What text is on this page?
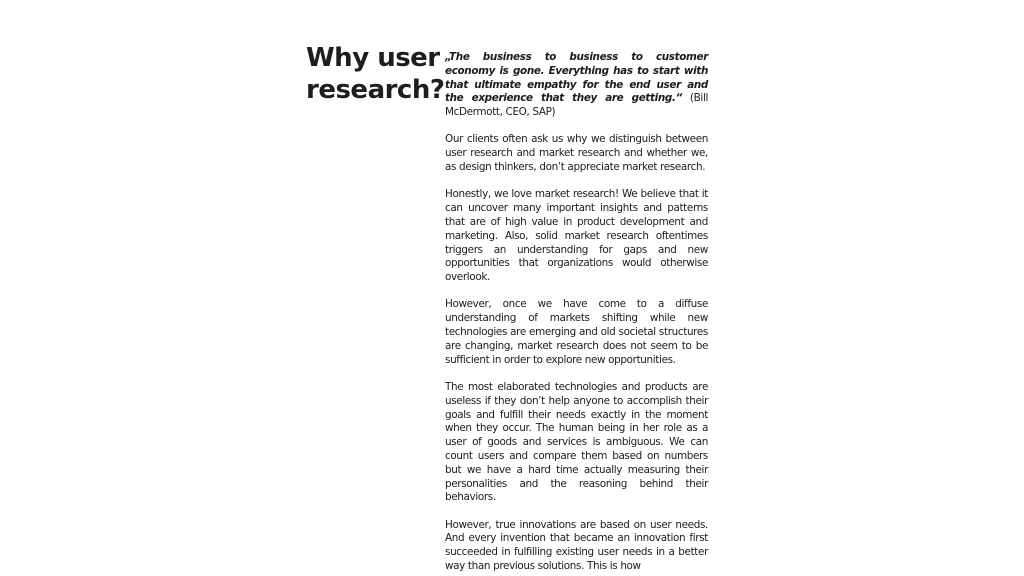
Why user
research?

„The business to business to customer economy is gone. Everything has to start with that ultimate empathy for the end user and the experience that they are getting.“ (Bill McDermott, CEO, SAP)

Our clients often ask us why we distinguish between user research and market research and whether we, as design thinkers, don’t appreciate market research.

Honestly, we love market research! We believe that it can uncover many important insights and patterns that are of high value in product development and marketing. Also, solid market research oftentimes triggers an understanding for gaps and new opportunities that organizations would otherwise overlook.

However, once we have come to a diffuse understanding of markets shifting while new technologies are emerging and old societal structures are changing, market research does not seem to be sufficient in order to explore new opportunities.

The most elaborated technologies and products are useless if they don’t help anyone to accomplish their goals and fulfill their needs exactly in the moment when they occur. The human being in her role as a user of goods and services is ambiguous. We can count users and compare them based on numbers but we have a hard time actually measuring their personalities and the reasoning behind their behaviors.

However, true innovations are based on user needs. And every invention that became an innovation first succeeded in fulfilling existing user needs in a better way than previous solutions. This is how
